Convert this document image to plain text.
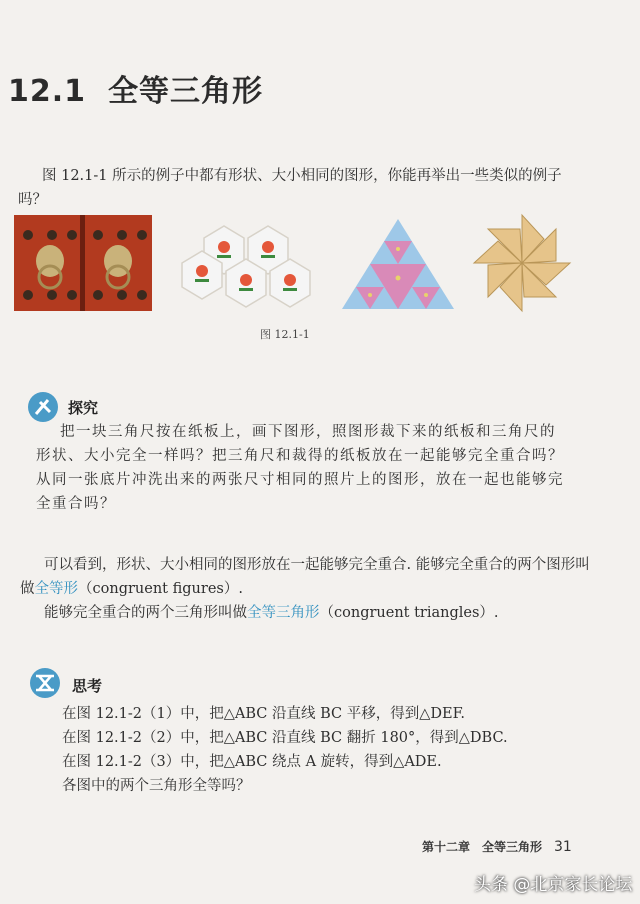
12.1 全等三角形
图 12.1-1 所示的例子中都有形状、大小相同的图形，你能再举出一些类似的例子吗？
图 12.1-1
探究
把一块三角尺按在纸板上，画下图形，照图形裁下来的纸板和三角尺的形状、大小完全一样吗？把三角尺和裁得的纸板放在一起能够完全重合吗？从同一张底片冲洗出来的两张尺寸相同的照片上的图形，放在一起也能够完全重合吗？
可以看到，形状、大小相同的图形放在一起能够完全重合. 能够完全重合的两个图形叫做全等形（congruent figures）.
能够完全重合的两个三角形叫做全等三角形（congruent triangles）.
思考
在图 12.1-2（1）中，把△ABC 沿直线 BC 平移，得到△DEF.
在图 12.1-2（2）中，把△ABC 沿直线 BC 翻折 180°，得到△DBC.
在图 12.1-2（3）中，把△ABC 绕点 A 旋转，得到△ADE.
各图中的两个三角形全等吗？
第十二章　全等三角形 31
头条 @北京家长论坛
